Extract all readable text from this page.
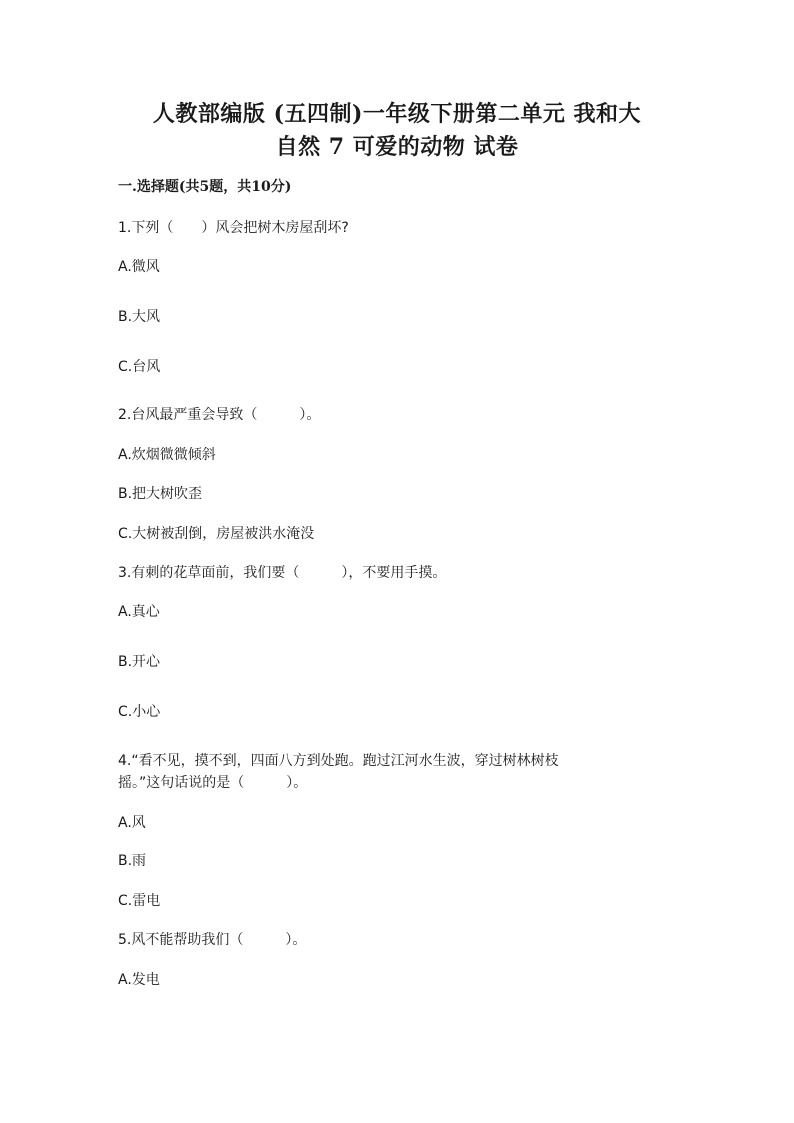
人教部编版 (五四制)一年级下册第二单元 我和大
自然 7 可爱的动物 试卷
一.选择题(共5题，共10分)
1.下列（　　）风会把树木房屋刮坏?
A.微风
B.大风
C.台风
2.台风最严重会导致（　　　）。
A.炊烟微微倾斜
B.把大树吹歪
C.大树被刮倒，房屋被洪水淹没
3.有刺的花草面前，我们要（　　　），不要用手摸。
A.真心
B.开心
C.小心
4.“看不见，摸不到，四面八方到处跑。跑过江河水生波，穿过树林树枝
摇。”这句话说的是（　　　）。
A.风
B.雨
C.雷电
5.风不能帮助我们（　　　）。
A.发电
